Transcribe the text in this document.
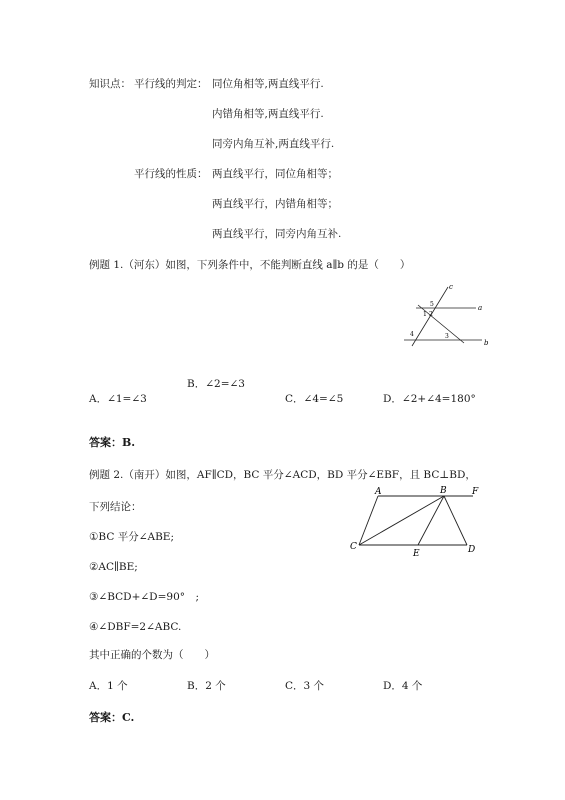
知识点： 平行线的判定： 同位角相等,两直线平行.
内错角相等,两直线平行.
同旁内角互补,两直线平行.
平行线的性质： 两直线平行，同位角相等；
两直线平行，内错角相等；
两直线平行，同旁内角互补.
例题 1.（河东）如图，下列条件中，不能判断直线 a∥b 的是（　　）
c
a
b
1 2
3
4
5
B．∠2=∠3
A．∠1=∠3	C．∠4=∠5	D．∠2+∠4=180°
答案：B.
例题 2.（南开）如图，AF∥CD，BC 平分∠ACD，BD 平分∠EBF，且 BC⊥BD，
下列结论：
①BC 平分∠ABE;
②AC∥BE;
③∠BCD+∠D=90°　;
④∠DBF=2∠ABC.
A	B	F
C
E	D
其中正确的个数为（　　）
A．1 个	B．2 个	C．3 个	D．4 个
答案：C.
